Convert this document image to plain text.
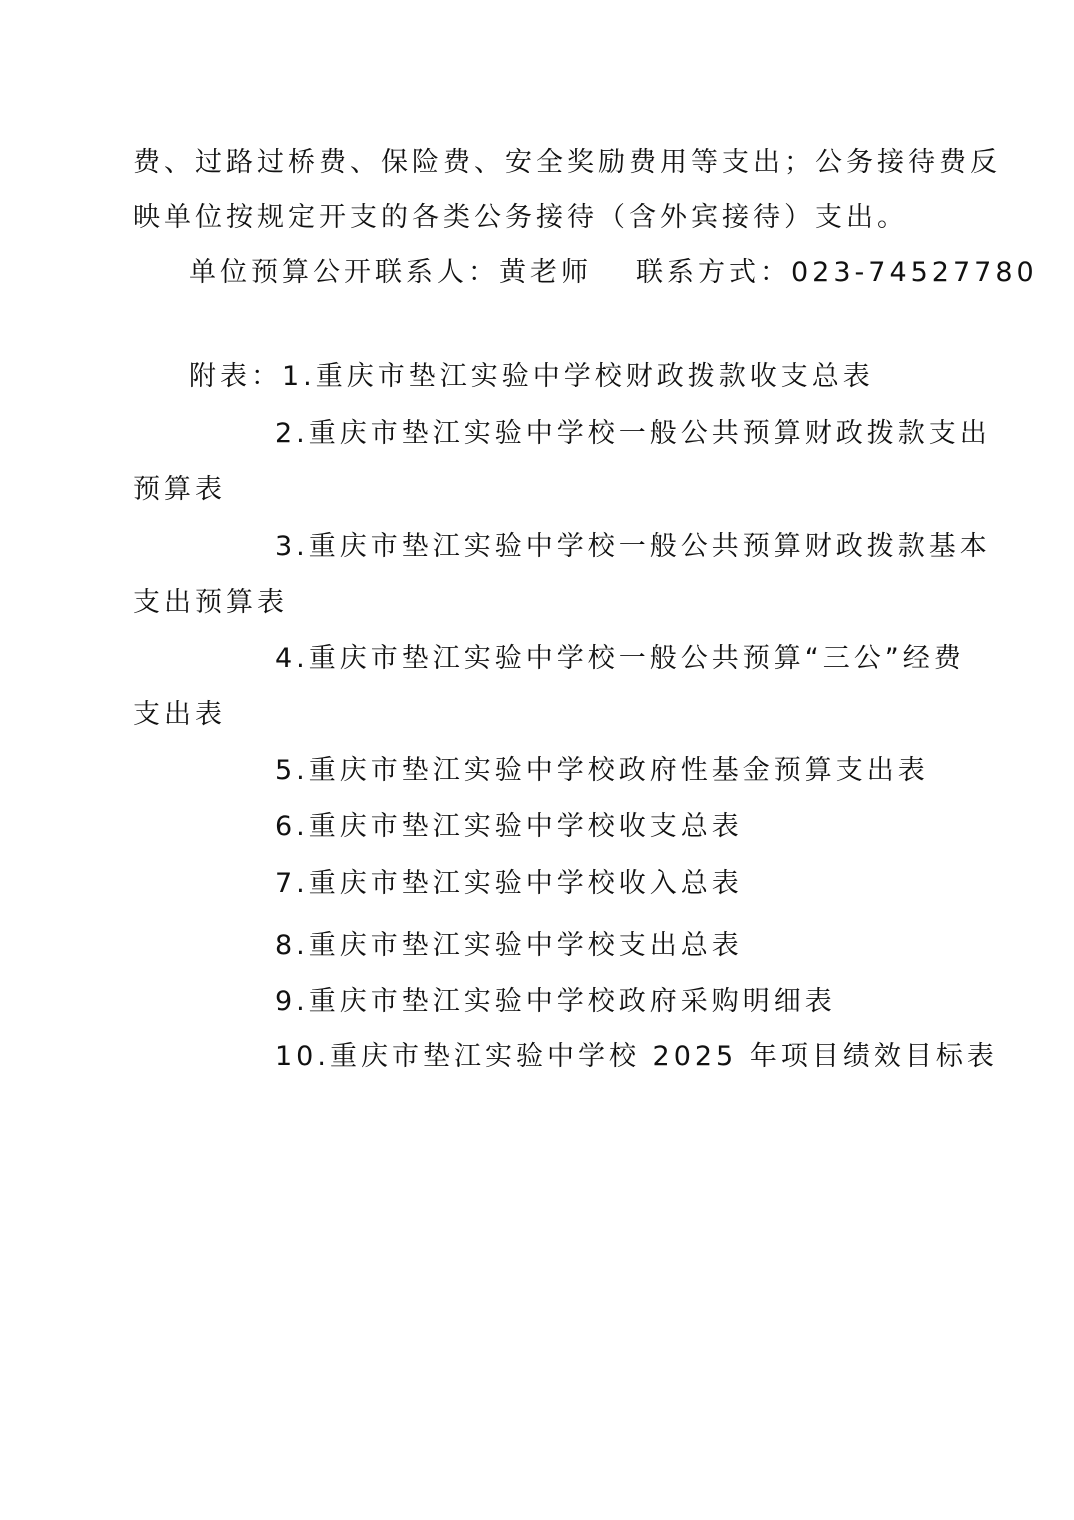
费、过路过桥费、保险费、安全奖励费用等支出；公务接待费反
映单位按规定开支的各类公务接待（含外宾接待）支出。
单位预算公开联系人：黄老师 联系方式：023-74527780
附表：1.重庆市垫江实验中学校财政拨款收支总表
2.重庆市垫江实验中学校一般公共预算财政拨款支出
预算表
3.重庆市垫江实验中学校一般公共预算财政拨款基本
支出预算表
4.重庆市垫江实验中学校一般公共预算“三公”经费
支出表
5.重庆市垫江实验中学校政府性基金预算支出表
6.重庆市垫江实验中学校收支总表
7.重庆市垫江实验中学校收入总表
8.重庆市垫江实验中学校支出总表
9.重庆市垫江实验中学校政府采购明细表
10.重庆市垫江实验中学校 2025 年项目绩效目标表
